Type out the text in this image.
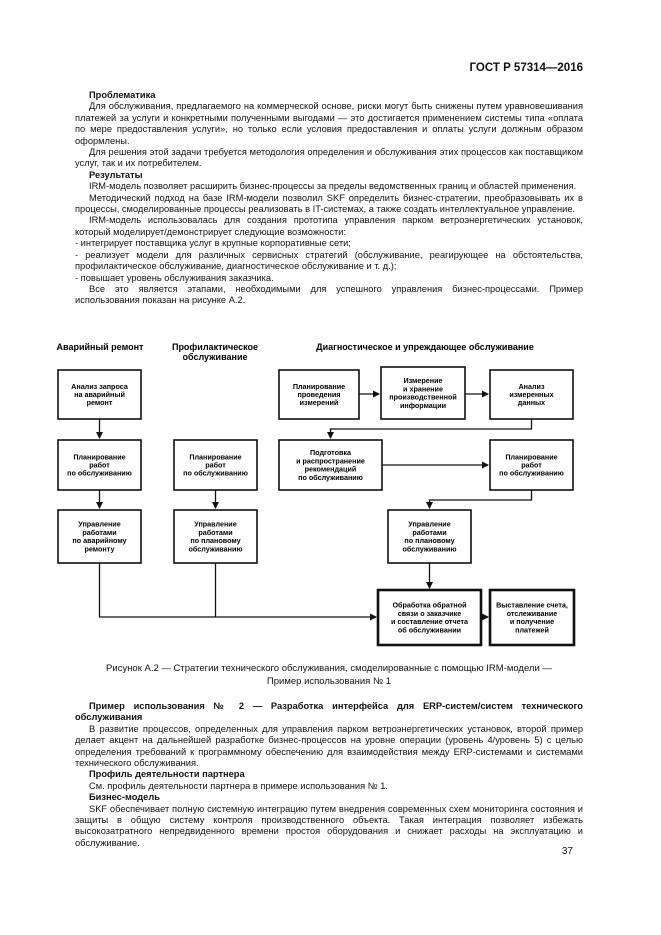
ГОСТ Р 57314—2016

Проблематика

Для обслуживания, предлагаемого на коммерческой основе, риски могут быть снижены путем уравновешивания платежей за услуги и конкретными полученными выгодами — это достигается применением системы типа «оплата по мере предоставления услуги», но только если условия предоставления и оплаты услуги должным образом оформлены.

Для решения этой задачи требуется методология определения и обслуживания этих процессов как поставщиком услуг, так и их потребителем.

Результаты

IRM-модель позволяет расширить бизнес-процессы за пределы ведомственных границ и областей применения.

Методический подход на базе IRM-модели позволил SKF определить бизнес-стратегии, преобразовывать их в процессы, смоделированные процессы реализовать в IT-системах, а также создать интеллектуальное управление.

IRM-модель использовалась для создания прототипа управления парком ветроэнергетических установок, который моделирует/демонстрирует следующие возможности:

- интегрирует поставщика услуг в крупные корпоративные сети;

- реализует модели для различных сервисных стратегий (обслуживание, реагирующее на обстоятельства, профилактическое обслуживание, диагностическое обслуживание и т. д.);

- повышает уровень обслуживания заказчика.

Все это является этапами, необходимыми для успешного управления бизнес-процессами. Пример использования показан на рисунке А.2.

Аварийный ремонт	Профилактическое
обслуживание
Диагностическое и упреждающее обслуживание
Анализ запроса на аварийный ремонт
Планирование работ по обслуживанию
Управление работами по аварийному ремонту
Планирование работ по обслуживанию
Управление работами по плановому обслуживанию
Планирование проведения измерений
Измерение и хранение производственной информации
Анализ измеренных данных
Подготовка и распространение рекомендаций по обслуживанию
Планирование работ по обслуживанию
Управление работами по плановому обслуживанию
Обработка обратной связи о заказчике и составление отчета об обслуживании
Выставление счета, отслеживание и получение платежей
Рисунок А.2 — Стратегии технического обслуживания, смоделированные с помощью IRM-модели —
Пример использования № 1

Пример использования № 2 — Разработка интерфейса для ERP-систем/систем технического обслуживания

В развитие процессов, определенных для управления парком ветроэнергетических установок, второй пример делает акцент на дальнейшей разработке бизнес-процессов на уровне операции (уровень 4/уровень 5) с целью определения требований к программному обеспечению для взаимодействия между ERP-системами и системами технического обслуживания.

Профиль деятельности партнера

См. профиль деятельности партнера в примере использования № 1.

Бизнес-модель

SKF обеспечивает полную системную интеграцию путем внедрения современных схем мониторинга состояния и защиты в общую систему контроля производственного объекта. Такая интеграция позволяет избежать высокозатратного непредвиденного времени простоя оборудования и снижает расходы на эксплуатацию и обслуживание.

37
